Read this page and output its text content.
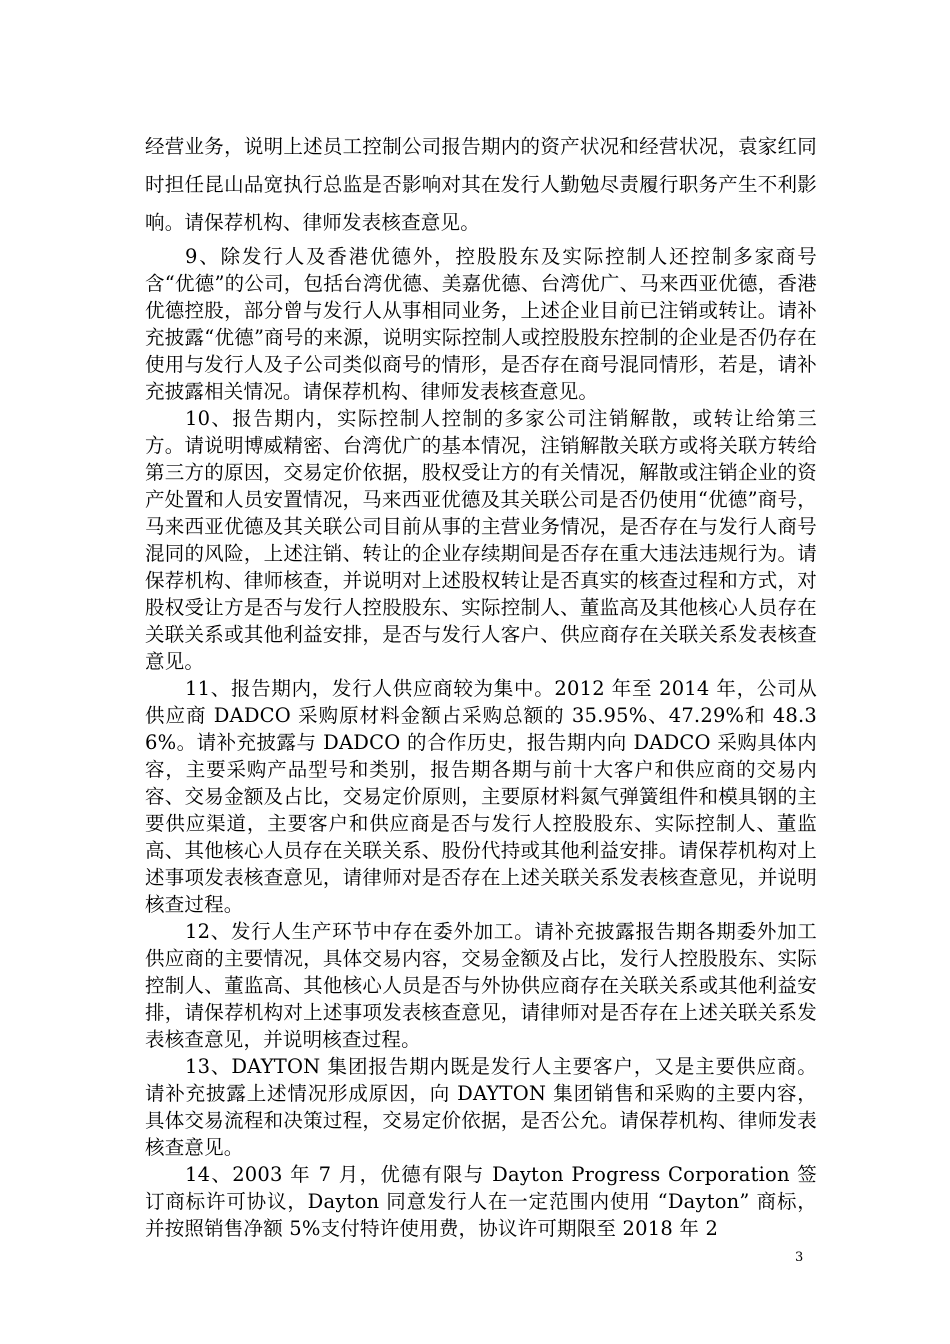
经营业务，说明上述员工控制公司报告期内的资产状况和经营状况，袁家红同时担任昆山品宽执行总监是否影响对其在发行人勤勉尽责履行职务产生不利影响。请保荐机构、律师发表核查意见。

9、除发行人及香港优德外，控股股东及实际控制人还控制多家商号含“优德”的公司，包括台湾优德、美嘉优德、台湾优广、马来西亚优德，香港优德控股，部分曾与发行人从事相同业务，上述企业目前已注销或转让。请补充披露“优德”商号的来源，说明实际控制人或控股股东控制的企业是否仍存在使用与发行人及子公司类似商号的情形，是否存在商号混同情形，若是，请补充披露相关情况。请保荐机构、律师发表核查意见。

10、报告期内，实际控制人控制的多家公司注销解散，或转让给第三方。请说明博威精密、台湾优广的基本情况，注销解散关联方或将关联方转给第三方的原因，交易定价依据，股权受让方的有关情况，解散或注销企业的资产处置和人员安置情况，马来西亚优德及其关联公司是否仍使用“优德”商号，马来西亚优德及其关联公司目前从事的主营业务情况，是否存在与发行人商号混同的风险，上述注销、转让的企业存续期间是否存在重大违法违规行为。请保荐机构、律师核查，并说明对上述股权转让是否真实的核查过程和方式，对股权受让方是否与发行人控股股东、实际控制人、董监高及其他核心人员存在关联关系或其他利益安排，是否与发行人客户、供应商存在关联关系发表核查意见。

11、报告期内，发行人供应商较为集中。2012 年至 2014 年，公司从供应商 DADCO 采购原材料金额占采购总额的 35.95%、47.29%和 48.36%。请补充披露与 DADCO 的合作历史，报告期内向 DADCO 采购具体内容，主要采购产品型号和类别，报告期各期与前十大客户和供应商的交易内容、交易金额及占比，交易定价原则，主要原材料氮气弹簧组件和模具钢的主要供应渠道，主要客户和供应商是否与发行人控股股东、实际控制人、董监高、其他核心人员存在关联关系、股份代持或其他利益安排。请保荐机构对上述事项发表核查意见，请律师对是否存在上述关联关系发表核查意见，并说明核查过程。

12、发行人生产环节中存在委外加工。请补充披露报告期各期委外加工供应商的主要情况，具体交易内容，交易金额及占比，发行人控股股东、实际控制人、董监高、其他核心人员是否与外协供应商存在关联关系或其他利益安排，请保荐机构对上述事项发表核查意见，请律师对是否存在上述关联关系发表核查意见，并说明核查过程。

13、DAYTON 集团报告期内既是发行人主要客户，又是主要供应商。请补充披露上述情况形成原因，向 DAYTON 集团销售和采购的主要内容，具体交易流程和决策过程，交易定价依据，是否公允。请保荐机构、律师发表核查意见。

14、2003 年 7 月，优德有限与 Dayton Progress Corporation 签订商标许可协议，Dayton 同意发行人在一定范围内使用 “Dayton” 商标，并按照销售净额 5%支付特许使用费，协议许可期限至 2018 年 2

3
